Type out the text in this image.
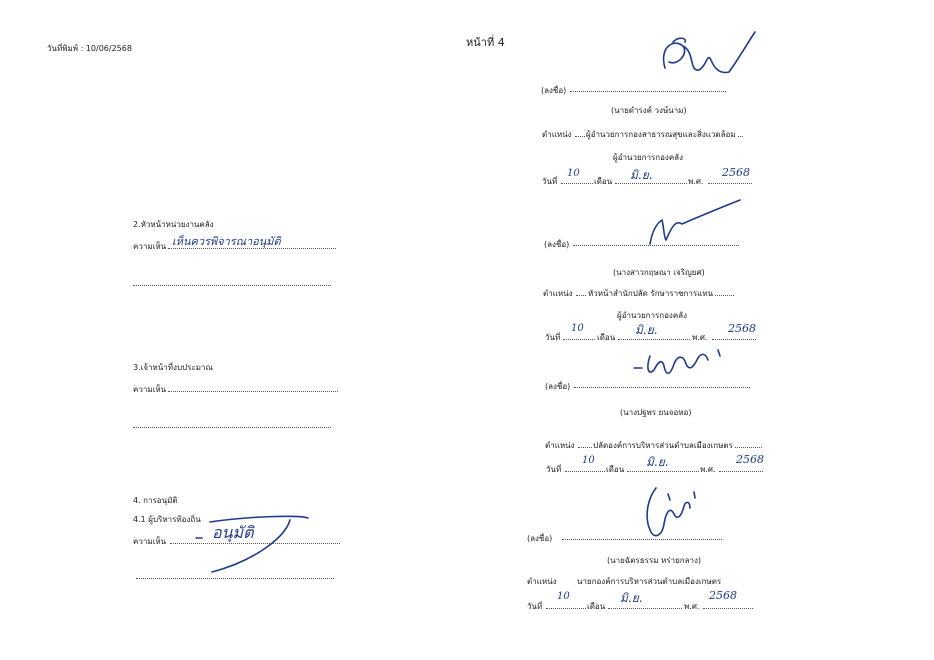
วันที่พิมพ์ : 10/06/2568	หน้าที่ 4
2.หัวหน้าหน่วยงานคลัง
ความเห็น เห็นควรพิจารณาอนุมัติ
3.เจ้าหน้าที่งบประมาณ
ความเห็น
4. การอนุมัติ
4.1 ผู้บริหารท้องถิ่น
ความเห็น	อนุมัติ
(ลงชื่อ)
(นายดำรงค์ วงษ์นาม)
ตำแหน่ง ผู้อำนวยการกองสาธารณสุขและสิ่งแวดล้อม
ผู้อำนวยการกองคลัง
วันที่
10
เดือน มิ.ย.	พ.ศ.
2568
(ลงชื่อ)
(นางสาวกฤษณา เจริญยศ)
ตำแหน่ง หัวหน้าสำนักปลัด รักษาราชการแทน
ผู้อำนวยการกองคลัง
วันที่
10
เดือน
มิ.ย.
พ.ศ.
2568
(ลงชื่อ)
(นางปฐพร ยนจอหอ)
ตำแหน่ง ปลัดองค์การบริหารส่วนตำบลเมืองเกษตร
วันที่
10
เดือน
มิ.ย.
พ.ศ.
2568
(ลงชื่อ)
(นายฉัตรธรรม หร่ายกลาง)
ตำแหน่ง	นายกองค์การบริหารส่วนตำบลเมืองเกษตร
วันที่
10
เดือน
มิ.ย.
พ.ศ.
2568
